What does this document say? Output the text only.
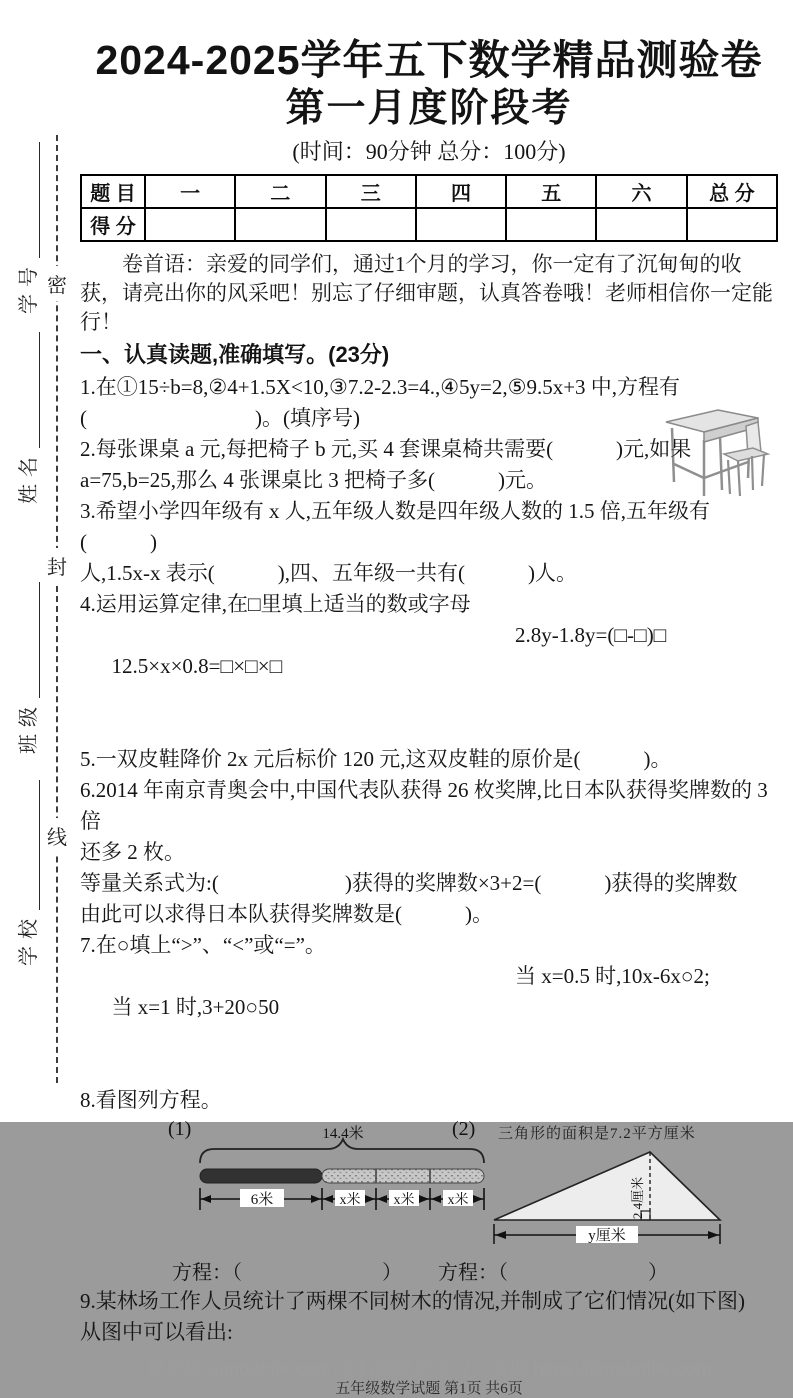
密
封
线
学号
姓名
班级
学校
2024-2025学年五下数学精品测验卷
第一月度阶段考
(时间：90分钟 总分：100分)
题 目	一	二	三	四	五	六	总 分
得 分							

卷首语：亲爱的同学们，通过1个月的学习，你一定有了沉甸甸的收获，请亮出你的风采吧！别忘了仔细审题，认真答卷哦！老师相信你一定能行！

一、认真读题,准确填写。(23分)
1.在①15÷b=8,②4+1.5X<10,③7.2-2.3=4.,④5y=2,⑤9.5x+3 中,方程有
(　　　　　　　　)。(填序号)
2.每张课桌 a 元,每把椅子 b 元,买 4 套课桌椅共需要(　　　)元,如果
a=75,b=25,那么 4 张课桌比 3 把椅子多(　　　)元。
3.希望小学四年级有 x 人,五年级人数是四年级人数的 1.5 倍,五年级有(　　　)
人,1.5x-x 表示(　　　),四、五年级一共有(　　　)人。
4.运用运算定律,在□里填上适当的数或字母

12.5×x×0.8=□×□×□

2.8y-1.8y=(□-□)□

5.一双皮鞋降价 2x 元后标价 120 元,这双皮鞋的原价是(　　　)。
6.2014 年南京青奥会中,中国代表队获得 26 枚奖牌,比日本队获得奖牌数的 3 倍
还多 2 枚。
等量关系式为:(　　　　　　)获得的奖牌数×3+2=(　　　)获得的奖牌数
由此可以求得日本队获得奖牌数是(　　　)。
7.在○填上“>”、“<”或“=”。

当 x=1 时,3+20○50

当 x=0.5 时,10x-6x○2;

8.看图列方程。
(1)	(2) 三角形的面积是7.2平方厘米
14.4米
6米	x米 x米 x米	2.4厘米
y厘米
方程：（　　　　　　　） 方程：（　　　　　　　）
9.某林场工作人员统计了两棵不同树木的情况,并制成了它们情况(如下图)
从图中可以看出:
简单街-jiandanjie.com-学科网简单学习一条街 https://jiandanjie.com
五年级数学试题 第1页 共6页
